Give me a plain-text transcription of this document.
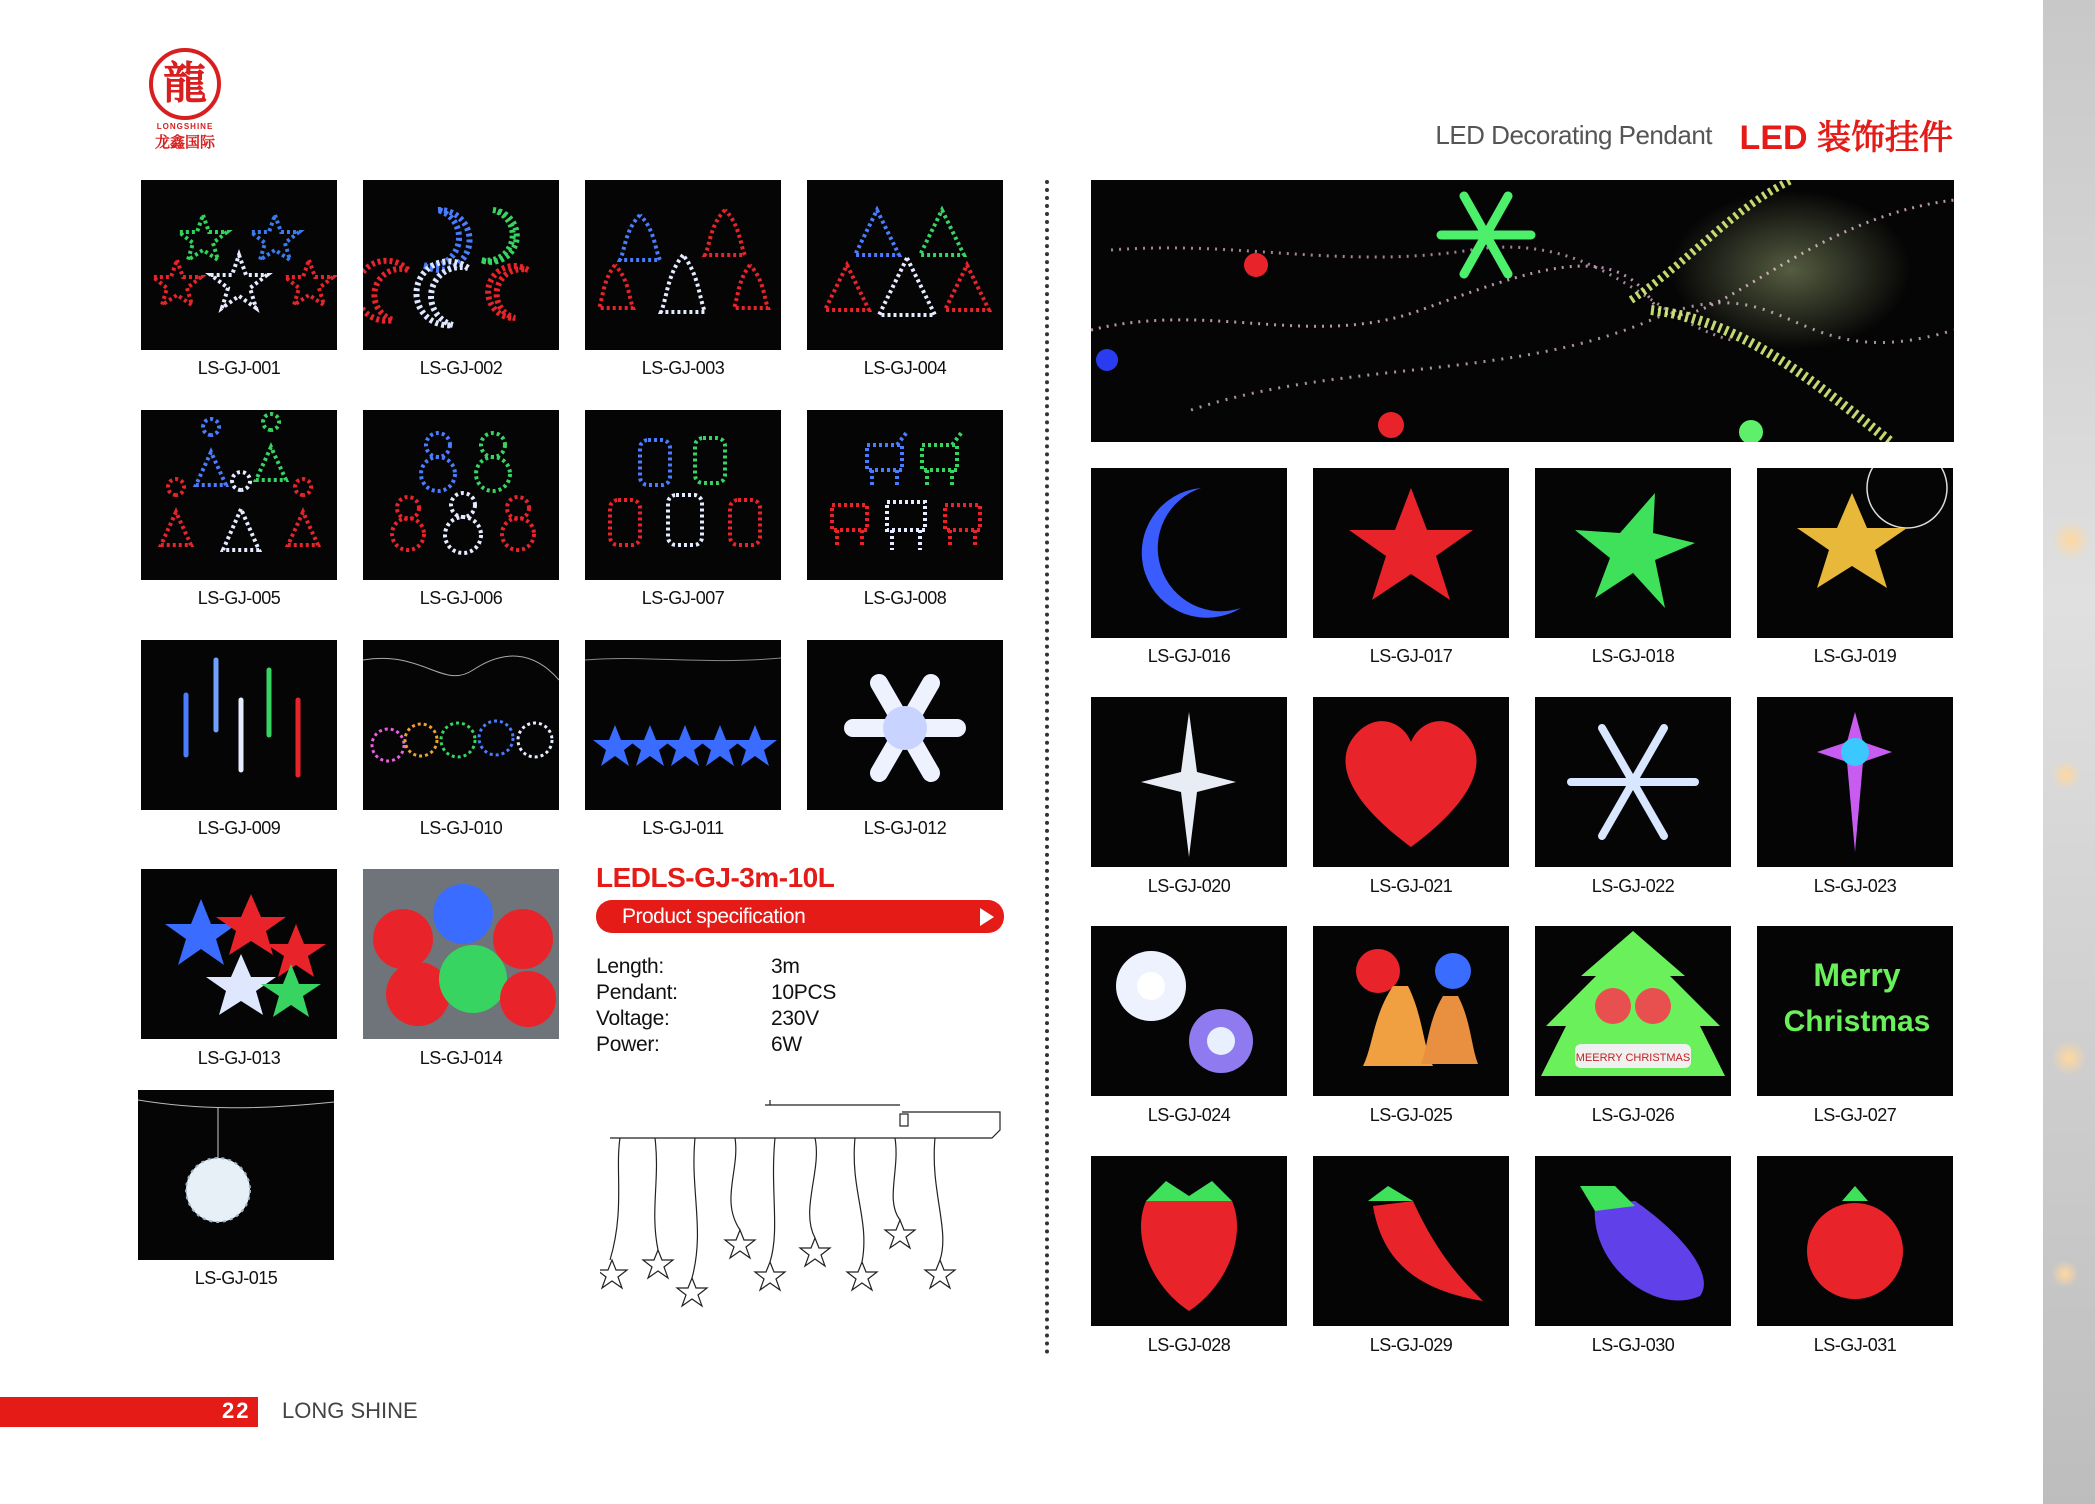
龍
LONGSHINE
龙鑫国际	LED Decorating Pendant LED 装饰挂件
LS-GJ-001	LS-GJ-002	LS-GJ-003	LS-GJ-004
LS-GJ-005	LS-GJ-006	LS-GJ-007	LS-GJ-008
LS-GJ-009	LS-GJ-010	LS-GJ-011	LS-GJ-012
LS-GJ-013	LS-GJ-014
LS-GJ-015
LEDLS-GJ-3m-10L
Product specification
Length:	3m
Pendant:	10PCS
Voltage:	230V
Power:	6W
LS-GJ-016	LS-GJ-017	LS-GJ-018	LS-GJ-019
LS-GJ-020	LS-GJ-021	LS-GJ-022	LS-GJ-023
LS-GJ-024	LS-GJ-025
MEERRY CHRISTMAS
LS-GJ-026
Merry
Christmas
LS-GJ-027
LS-GJ-028	LS-GJ-029	LS-GJ-030	LS-GJ-031
22 LONG SHINE
